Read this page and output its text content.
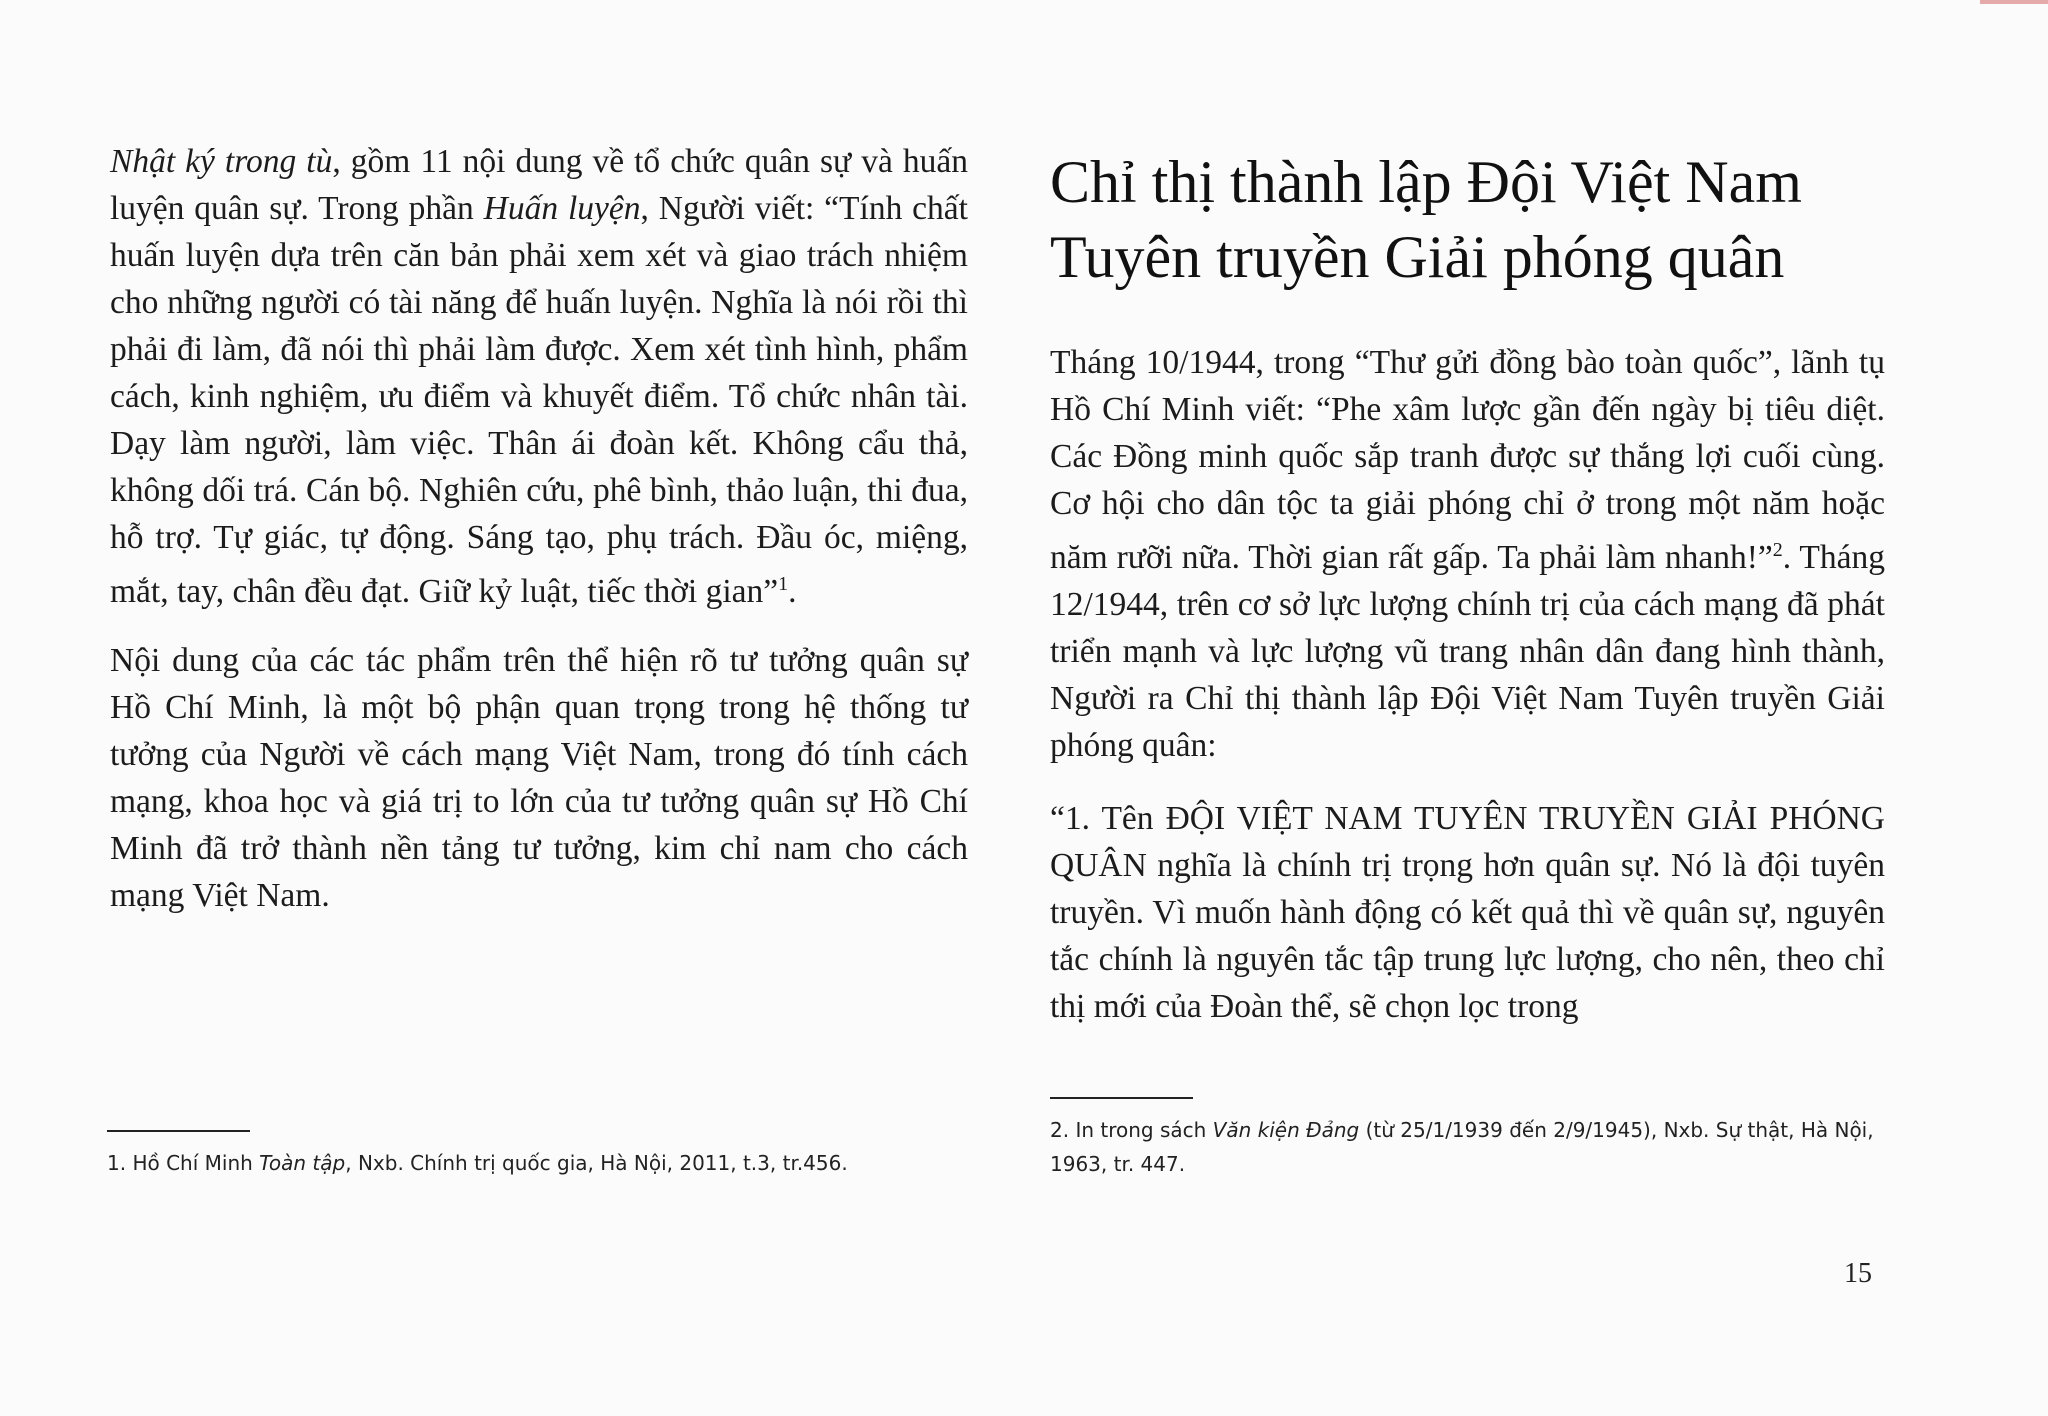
Nhật ký trong tù, gồm 11 nội dung về tổ chức quân sự và huấn luyện quân sự. Trong phần Huấn luyện, Người viết: “Tính chất huấn luyện dựa trên căn bản phải xem xét và giao trách nhiệm cho những người có tài năng để huấn luyện. Nghĩa là nói rồi thì phải đi làm, đã nói thì phải làm được. Xem xét tình hình, phẩm cách, kinh nghiệm, ưu điểm và khuyết điểm. Tổ chức nhân tài. Dạy làm người, làm việc. Thân ái đoàn kết. Không cẩu thả, không dối trá. Cán bộ. Nghiên cứu, phê bình, thảo luận, thi đua, hỗ trợ. Tự giác, tự động. Sáng tạo, phụ trách. Đầu óc, miệng, mắt, tay, chân đều đạt. Giữ kỷ luật, tiếc thời gian”$^1$.

Nội dung của các tác phẩm trên thể hiện rõ tư tưởng quân sự Hồ Chí Minh, là một bộ phận quan trọng trong hệ thống tư tưởng của Người về cách mạng Việt Nam, trong đó tính cách mạng, khoa học và giá trị to lớn của tư tưởng quân sự Hồ Chí Minh đã trở thành nền tảng tư tưởng, kim chỉ nam cho cách mạng Việt Nam.

Chỉ thị thành lập Đội Việt Nam Tuyên truyền Giải phóng quân

Tháng 10/1944, trong “Thư gửi đồng bào toàn quốc”, lãnh tụ Hồ Chí Minh viết: “Phe xâm lược gần đến ngày bị tiêu diệt. Các Đồng minh quốc sắp tranh được sự thắng lợi cuối cùng. Cơ hội cho dân tộc ta giải phóng chỉ ở trong một năm hoặc năm rưỡi nữa. Thời gian rất gấp. Ta phải làm nhanh!”$^2$. Tháng 12/1944, trên cơ sở lực lượng chính trị của cách mạng đã phát triển mạnh và lực lượng vũ trang nhân dân đang hình thành, Người ra Chỉ thị thành lập Đội Việt Nam Tuyên truyền Giải phóng quân:

“1. Tên ĐỘI VIỆT NAM TUYÊN TRUYỀN GIẢI PHÓNG QUÂN nghĩa là chính trị trọng hơn quân sự. Nó là đội tuyên truyền. Vì muốn hành động có kết quả thì về quân sự, nguyên tắc chính là nguyên tắc tập trung lực lượng, cho nên, theo chỉ thị mới của Đoàn thể, sẽ chọn lọc trong

1. Hồ Chí Minh Toàn tập, Nxb. Chính trị quốc gia, Hà Nội, 2011, t.3, tr.456.

2. In trong sách Văn kiện Đảng (từ 25/1/1939 đến 2/9/1945), Nxb. Sự thật, Hà Nội, 1963, tr. 447.

15
